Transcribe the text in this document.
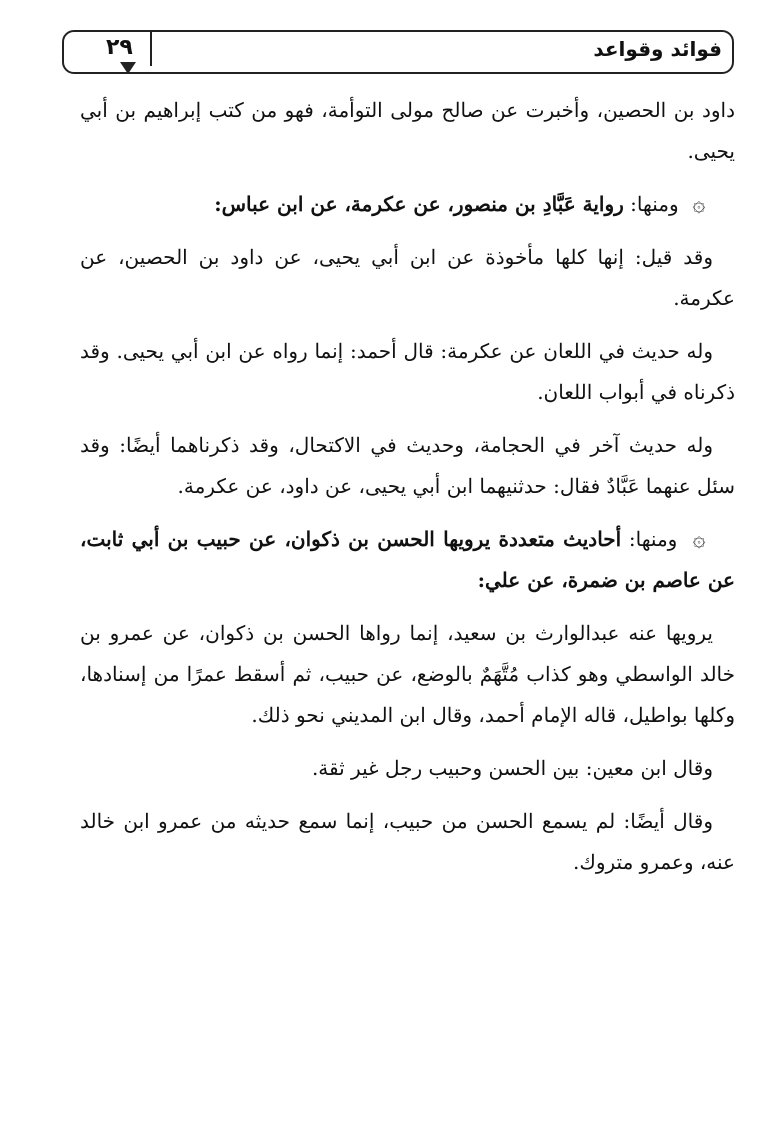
فوائد وقواعد
٢٩

داود بن الحصين، وأخبرت عن صالح مولى التوأمة، فهو من كتب إبراهيم بن أبي يحيى.

۞ ومنها: رواية عَبَّادِ بن منصور، عن عكرمة، عن ابن عباس:

وقد قيل: إنها كلها مأخوذة عن ابن أبي يحيى، عن داود بن الحصين، عن عكرمة.

وله حديث في اللعان عن عكرمة: قال أحمد: إنما رواه عن ابن أبي يحيى. وقد ذكرناه في أبواب اللعان.

وله حديث آخر في الحجامة، وحديث في الاكتحال، وقد ذكرناهما أيضًا: وقد سئل عنهما عَبَّادٌ فقال: حدثنيهما ابن أبي يحيى، عن داود، عن عكرمة.

۞ ومنها: أحاديث متعددة يرويها الحسن بن ذكوان، عن حبيب بن أبي ثابت، عن عاصم بن ضمرة، عن علي:

يرويها عنه عبدالوارث بن سعيد، إنما رواها الحسن بن ذكوان، عن عمرو بن خالد الواسطي وهو كذاب مُتَّهَمٌ بالوضع، عن حبيب، ثم أسقط عمرًا من إسنادها، وكلها بواطيل، قاله الإمام أحمد، وقال ابن المديني نحو ذلك.

وقال ابن معين: بين الحسن وحبيب رجل غير ثقة.

وقال أيضًا: لم يسمع الحسن من حبيب، إنما سمع حديثه من عمرو ابن خالد عنه، وعمرو متروك.
